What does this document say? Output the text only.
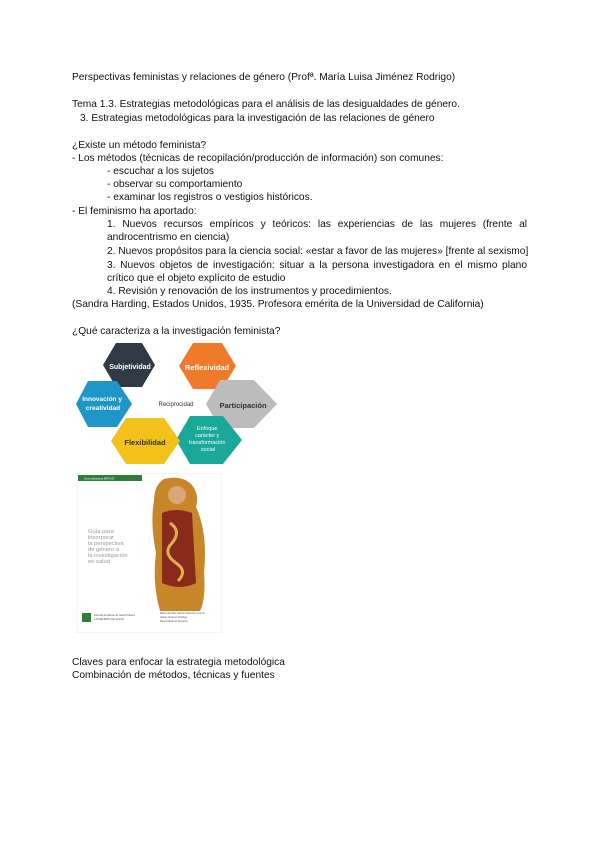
Perspectivas feministas y relaciones de género (Profª. María Luisa Jiménez Rodrigo)
Tema 1.3. Estrategias metodológicas para el análisis de las desigualdades de género.
3. Estrategias metodológicas para la investigación de las relaciones de género
¿Existe un método feminista?
- Los métodos (técnicas de recopilación/producción de información) son comunes:
- escuchar a los sujetos
- observar su comportamiento
- examinar los registros o vestigios históricos.
- El feminismo ha aportado:
1. Nuevos recursos empíricos y teóricos: las experiencias de las mujeres (frente al androcentrismo en ciencia)
2. Nuevos propósitos para la ciencia social: «estar a favor de las mujeres» [frente al sexismo]
3. Nuevos objetos de investigación: situar a la persona investigadora en el mismo plano crítico que el objeto explícito de estudio
4. Revisión y renovación de los instrumentos y procedimientos.
(Sandra Harding, Estados Unidos, 1935. Profesora emérita de la Universidad de California)
¿Qué caracteriza a la investigación feminista?
Subjetividad	Reflexividad
Participación
Enfoque carácter y transformación social
Flexibilidad
Innovación y creatividad	Reciprocidad
Guía didáctica BPGYE
Guía para incorporar la perspectiva de género a la investigación en salud
Escuela Andaluza de Salud Pública CONSEJERÍA DE SALUD
María del Mar García Calvente (coord.) Isabel Jiménez Rodrigo Elena Martínez Morante
Claves para enfocar la estrategia metodológica
Combinación de métodos, técnicas y fuentes
